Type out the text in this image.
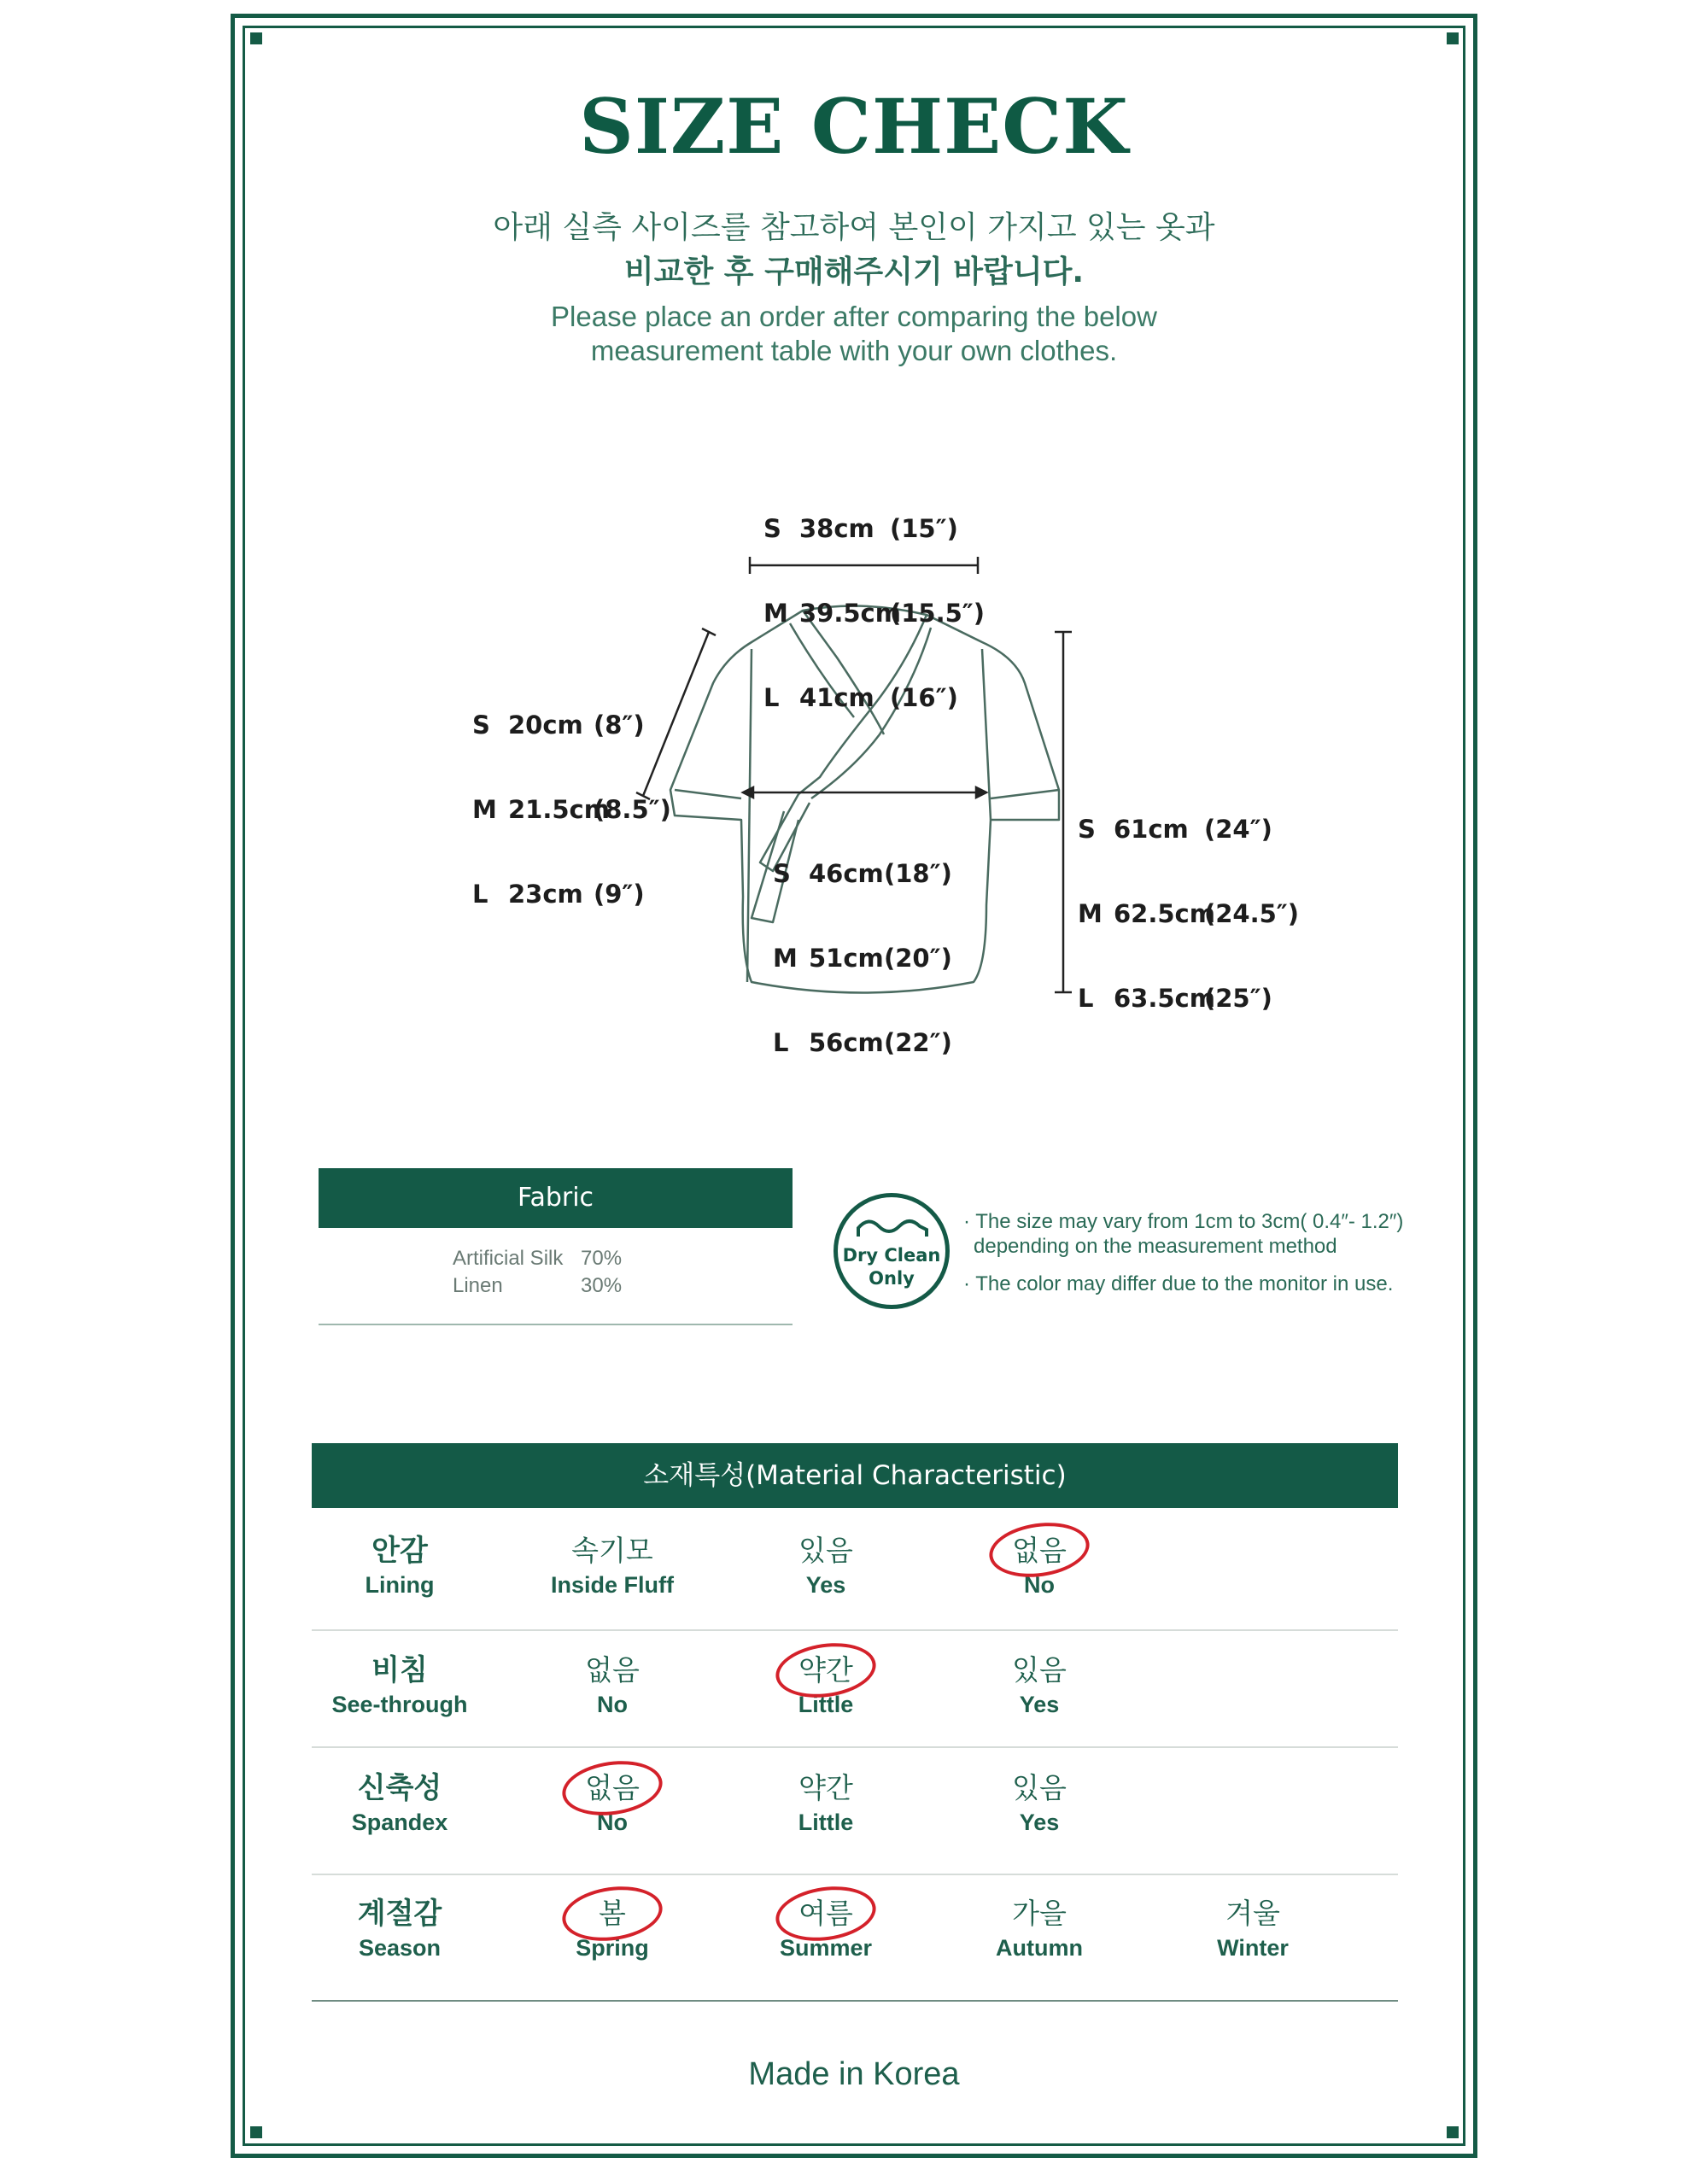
SIZE CHECK
아래 실측 사이즈를 참고하여 본인이 가지고 있는 옷과
비교한 후 구매해주시기 바랍니다.
Please place an order after comparing the below
measurement table with your own clothes.

S 38cm (15″)

M 39.5cm(15.5″)

L 41cm (16″)

S 20cm (8″)

M 21.5cm(8.5″)

L 23cm (9″)

S 46cm(18″)

M 51cm(20″)

L 56cm(22″)

S 61cm (24″)

M 62.5cm(24.5″)

L 63.5cm(25″)

Fabric
Artificial Silk 70%
Linen	30%
Dry Clean
Only
· The size may vary from 1cm to 3cm( 0.4″- 1.2″)
depending on the measurement method
· The color may differ due to the monitor in use.
소재특성(Material Characteristic)
안감
Lining
속기모
Inside Fluff
있음
Yes
없음
No
비침
See-through
없음
No
약간
Little
있음
Yes
신축성
Spandex
없음
No
약간
Little
있음
Yes
계절감
Season
봄
Spring
여름
Summer
가을
Autumn
겨울
Winter
Made in Korea
